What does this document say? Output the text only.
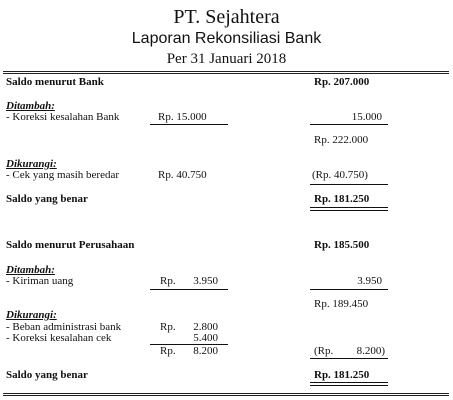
PT. Sejahtera
Laporan Rekonsiliasi Bank
Per 31 Januari 2018
Saldo menurut Bank	Rp. 207.000
Ditambah:
- Koreksi kesalahan Bank	Rp. 15.000	15.000
Rp. 222.000
Dikurangi:
- Cek yang masih beredar	Rp. 40.750	(Rp. 40.750)
Saldo yang benar	Rp. 181.250
Saldo menurut Perusahaan	Rp. 185.500
Ditambah:
- Kiriman uang	Rp.	3.950	3.950
Rp. 189.450
Dikurangi:
- Beban administrasi bank	Rp.	2.800
- Koreksi kesalahan cek	5.400
Rp.	8.200	(Rp.	8.200)
Saldo yang benar	Rp. 181.250
